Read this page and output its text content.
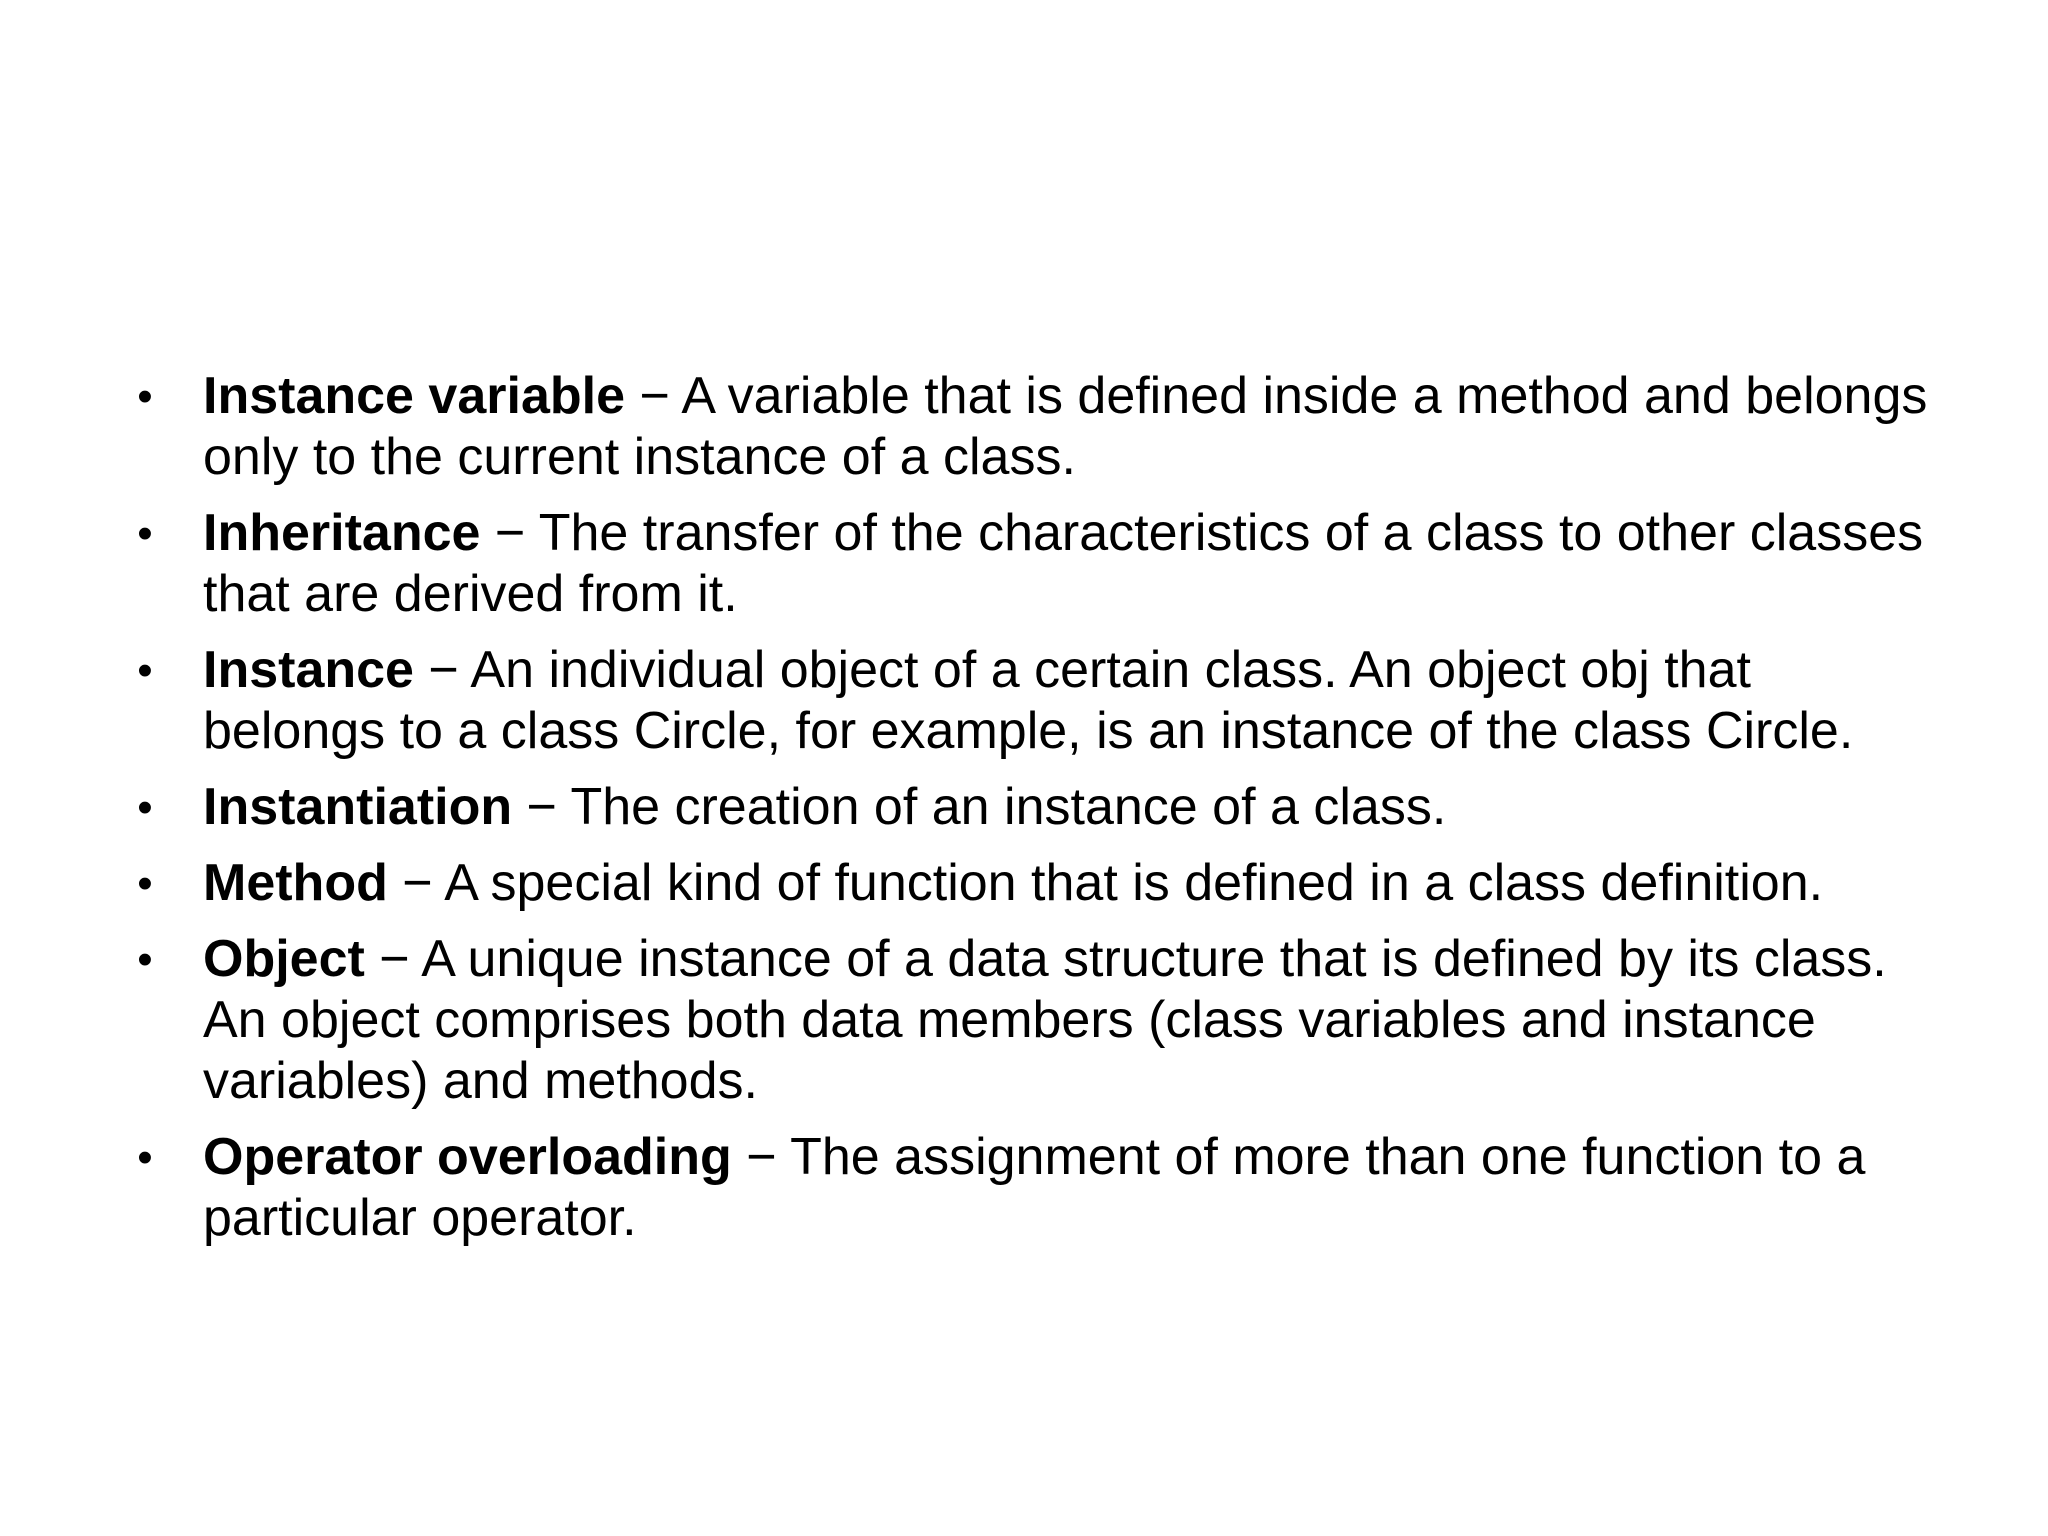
• Instance variable − A variable that is defined inside a method and belongs only to the current instance of a class.
• Inheritance − The transfer of the characteristics of a class to other classes that are derived from it.
• Instance − An individual object of a certain class. An object obj that belongs to a class Circle, for example, is an instance of the class Circle.
• Instantiation − The creation of an instance of a class.
• Method − A special kind of function that is defined in a class definition.
• Object − A unique instance of a data structure that is defined by its class. An object comprises both data members (class variables and instance variables) and methods.
• Operator overloading − The assignment of more than one function to a particular operator.
